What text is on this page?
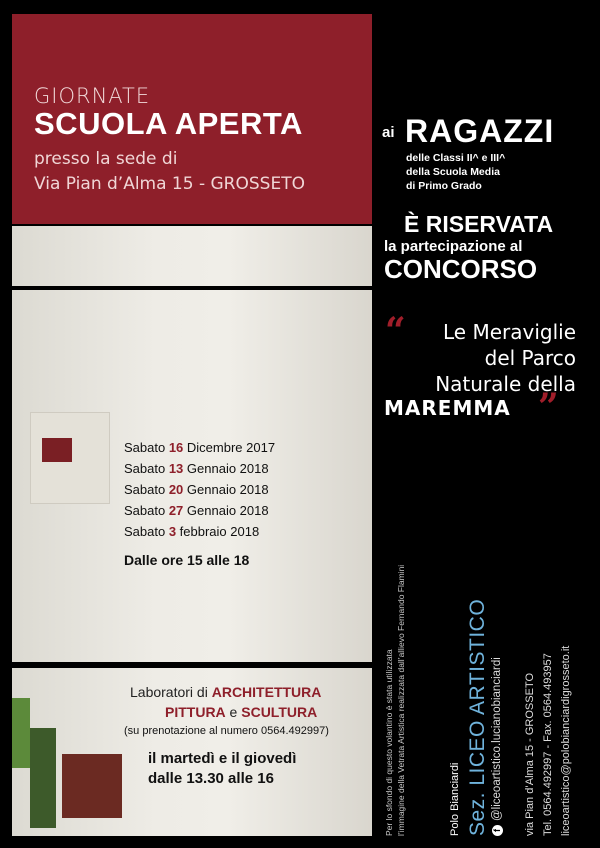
GIORNATE
SCUOLA APERTA
presso la sede di
Via Pian d’Alma 15 - GROSSETO
Sabato 16 Dicembre 2017
Sabato 13 Gennaio 2018
Sabato 20 Gennaio 2018
Sabato 27 Gennaio 2018
Sabato 3 febbraio 2018
Dalle ore 15 alle 18
Laboratori di ARCHITETTURA
PITTURA e SCULTURA
(su prenotazione al numero 0564.492997)
il martedì e il giovedì
dalle 13.30 alle 16
ai RAGAZZI
delle Classi II^ e III^
della Scuola Media
di Primo Grado
È RISERVATA
la partecipazione al
CONCORSO
“ Le Meraviglie
del Parco
Naturale della
MAREMMA ”
Per lo sfondo di questo volantino è stata utilizzata l’immagine della Vetrata Artistica realizzata dall’allievo Fernando Flamini	Polo Bianciardi Sez. LICEO ARTISTICO f
@liceoartistico.lucianobianciardi via Pian d’Alma 15 - GROSSETO Tel. 0564.492997 - Fax. 0564.493957 liceoartistico@polobianciardigrosseto.it
